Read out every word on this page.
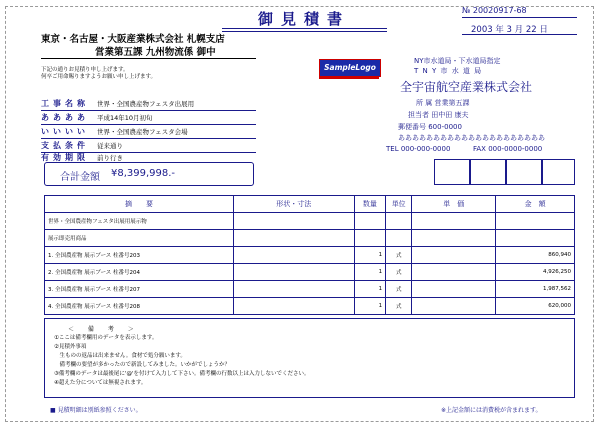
御見積書	№ 20020917-68
2003 年 3 月 22 日
東京・名古屋・大阪産業株式会社 札幌支店
営業第五課 九州物流係 御中
下記の通りお見積り申し上げます。
何卒ご用命賜りますようお願い申し上げます。
工事名称 世界・全国農産物フェスタ出展用
ああああ 平成14年10月初旬
いいいい 世界・全国農産物フェスタ会場
支払条件 従来通り
有効期限 前り行き
合計金額 ¥8,399,998.-
SampleLogo
NY市水道局・下水道局指定
T N Y 市 水 道 局
全宇宙航空産業株式会社
所 属 営業第五課
担当者 田中田 康夫
郵便番号 600-0000
あああああああああああああああああああああ
TEL 000-000-0000	FAX 000-0000-0000
摘　　要	形状・寸法	数量	単位	単　価	金　額
世界・全国農産物フェスタ出展用展示物					
展示即売用商品					
1. 全国農産物 展示ブース 柱番号203		1	式		860,940
2. 全国農産物 展示ブース 柱番号204		1	式		4,926,250
3. 全国農産物 展示ブース 柱番号207		1	式		1,987,562
4. 全国農産物 展示ブース 柱番号208		1	式		620,000
＜ 備 考 ＞
①ここは備考欄用のデータを表示します。
②見積外事項
　生ものの返品は出来ません。食材で処分願います。
　備考欄の要望が多かったので新設してみました。いかがでしょうか？
③備考欄のデータは最後尾に'@'を付けて入力して下さい。備考欄の行数以上は入力しないでください。
④超えた分については無視されます。
■ 見積明細は別紙参照ください。	※上記金額には消費税が含まれます。
